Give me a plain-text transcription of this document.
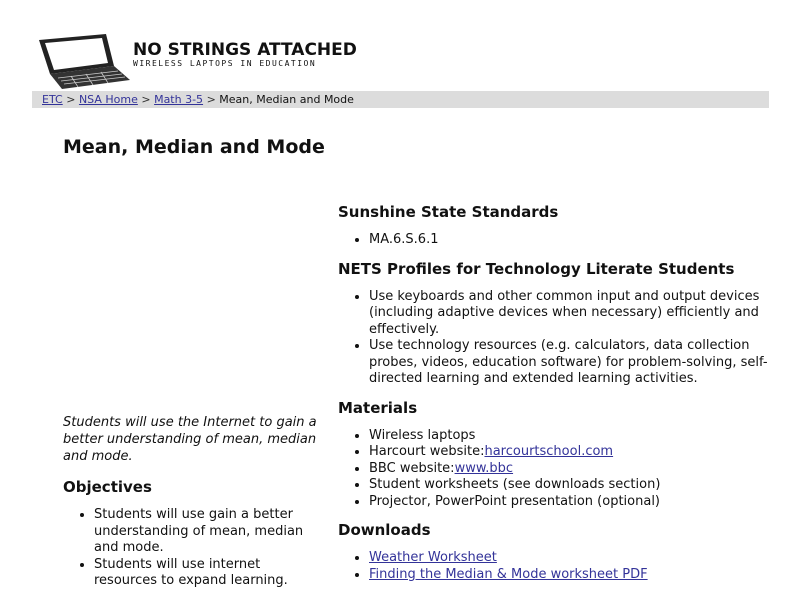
NO STRINGS ATTACHED
WIRELESS LAPTOPS IN EDUCATION
ETC > NSA Home > Math 3-5 > Mean, Median and Mode
Mean, Median and Mode

Students will use the Internet to gain a better understanding of mean, median and mode.

Objectives
• Students will use gain a better understanding of mean, median and mode.
• Students will use internet resources to expand learning.
Sunshine State Standards
• MA.6.S.6.1
NETS Profiles for Technology Literate Students
• Use keyboards and other common input and output devices (including adaptive devices when necessary) efficiently and effectively.
• Use technology resources (e.g. calculators, data collection probes, videos, education software) for problem-solving, self-directed learning and extended learning activities.
Materials
• Wireless laptops
• Harcourt website:harcourtschool.com
• BBC website:www.bbc
• Student worksheets (see downloads section)
• Projector, PowerPoint presentation (optional)
Downloads
• Weather Worksheet
• Finding the Median & Mode worksheet PDF
